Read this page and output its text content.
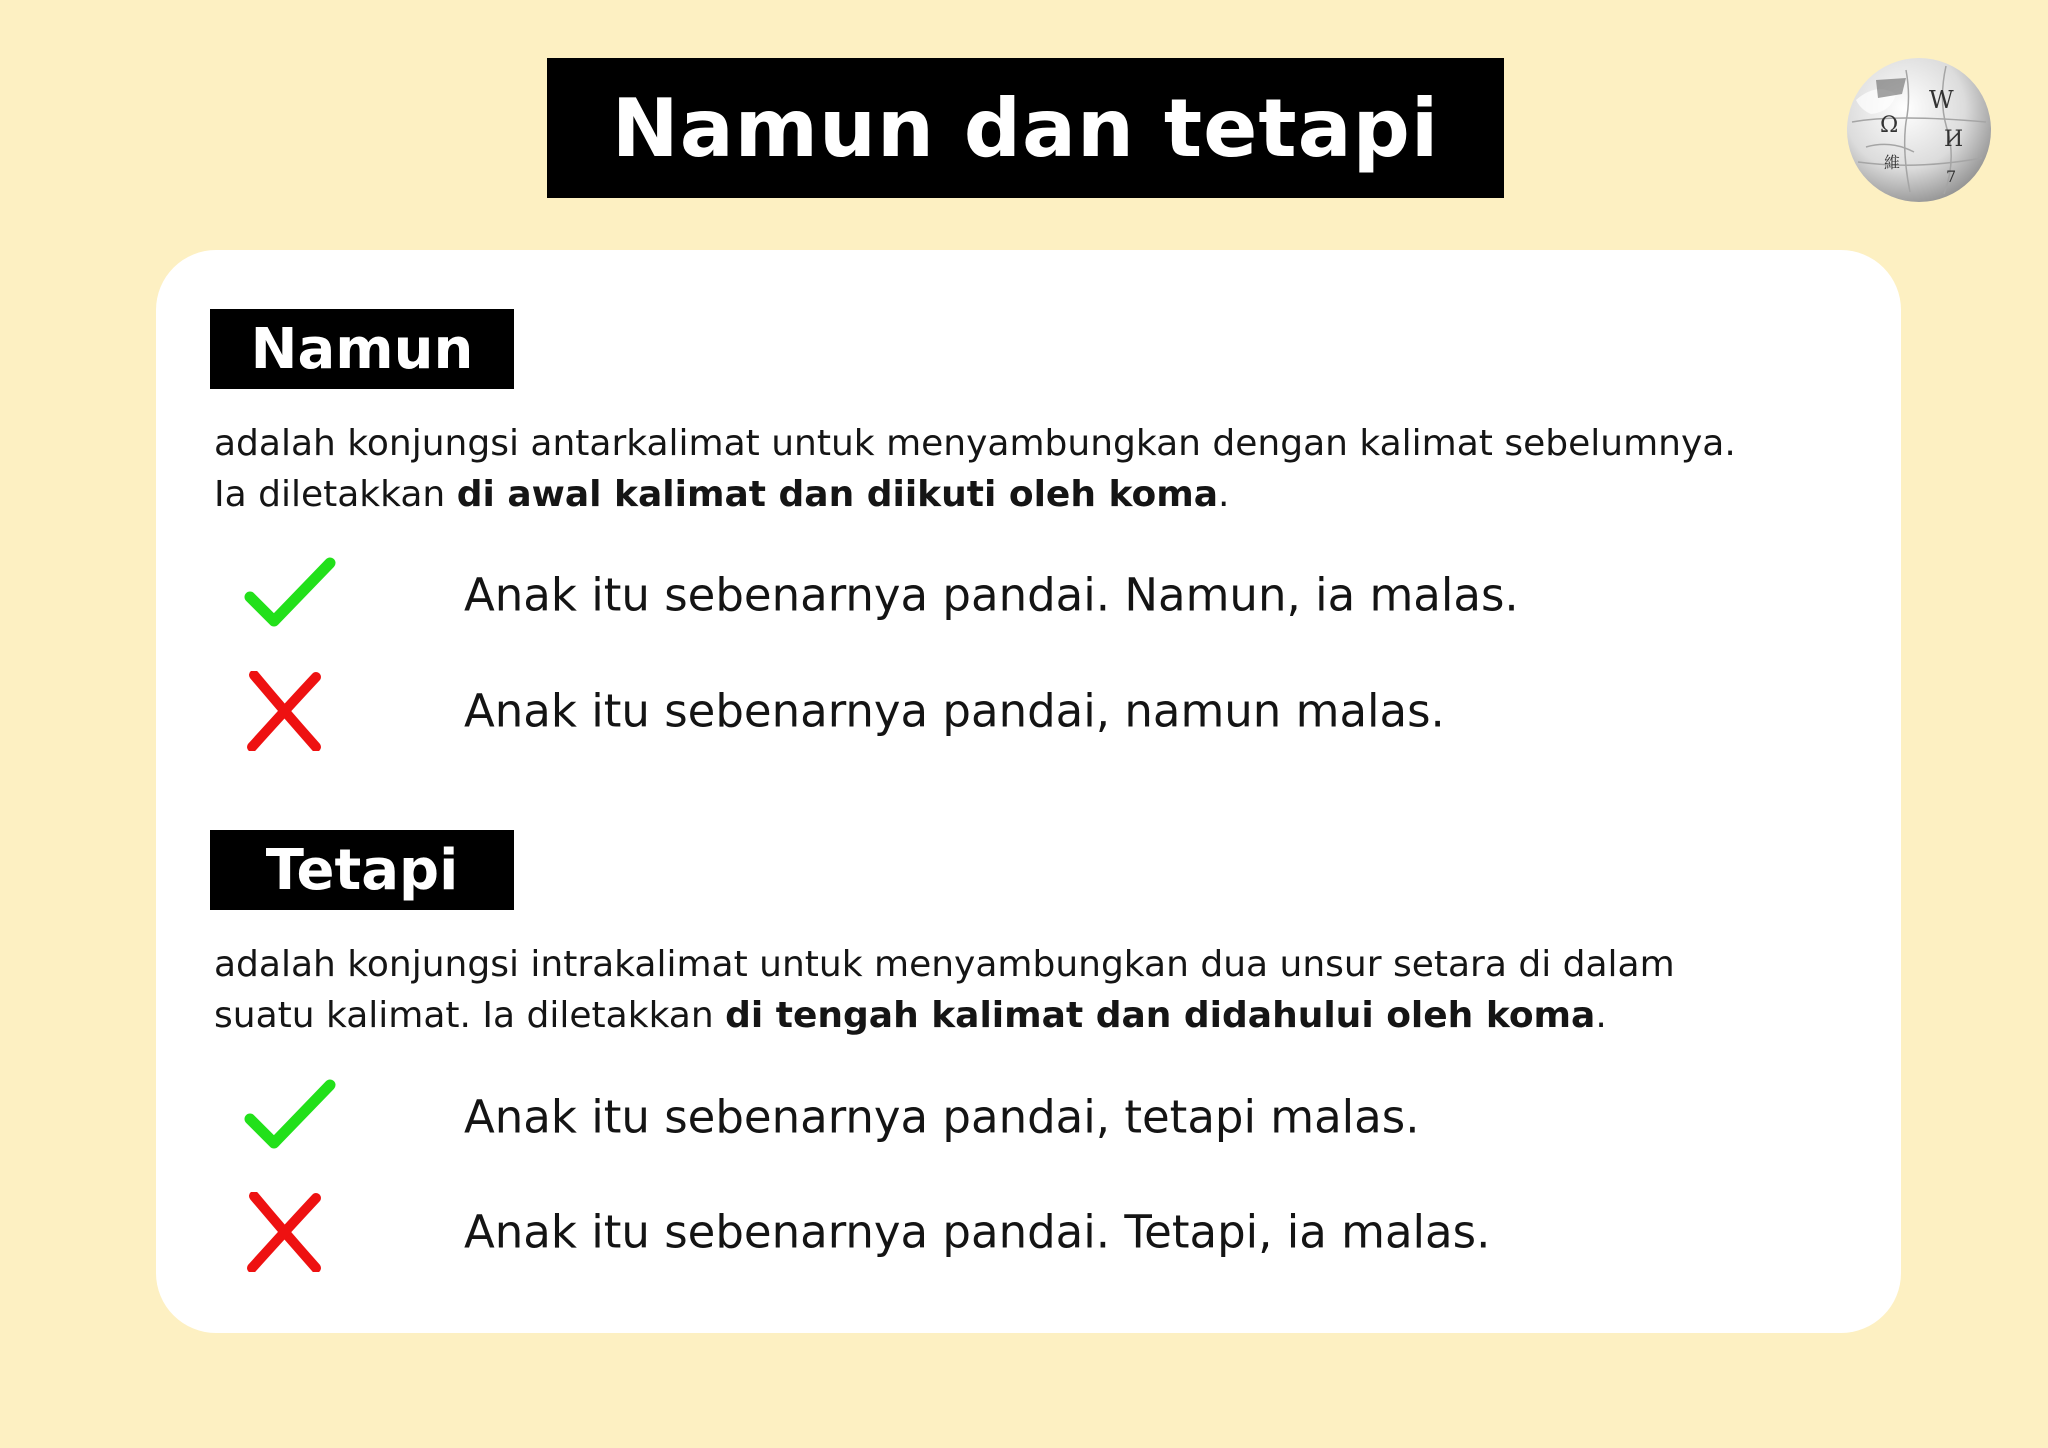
Namun dan tetapi	W
Ω
И
維
7
Namun
adalah konjungsi antarkalimat untuk menyambungkan dengan kalimat sebelumnya.
Ia diletakkan di awal kalimat dan diikuti oleh koma.
Anak itu sebenarnya pandai. Namun, ia malas.
Anak itu sebenarnya pandai, namun malas.
Tetapi
adalah konjungsi intrakalimat untuk menyambungkan dua unsur setara di dalam
suatu kalimat. Ia diletakkan di tengah kalimat dan didahului oleh koma.
Anak itu sebenarnya pandai, tetapi malas.
Anak itu sebenarnya pandai. Tetapi, ia malas.
